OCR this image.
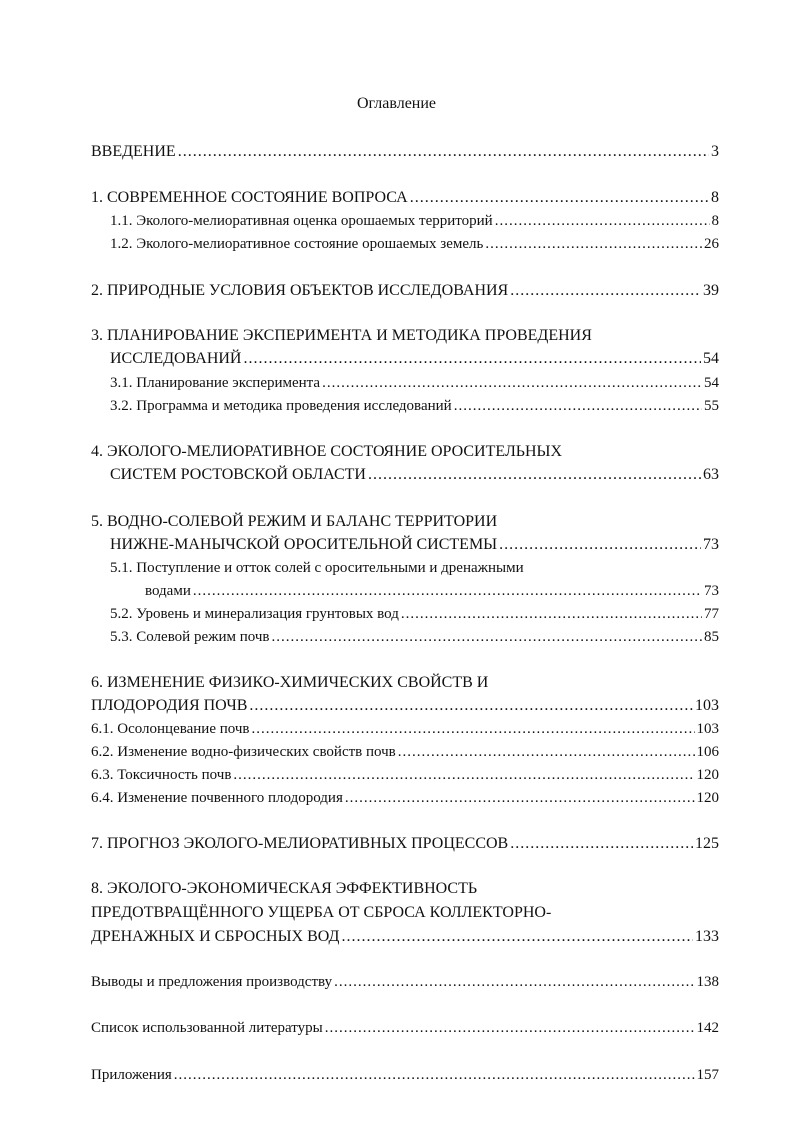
Оглавление
ВВЕДЕНИЕ .....	3
1. СОВРЕМЕННОЕ СОСТОЯНИЕ ВОПРОСА .....	8
1.1. Эколого-мелиоративная оценка орошаемых территорий .....	8
1.2. Эколого-мелиоративное состояние орошаемых земель .....	26
2. ПРИРОДНЫЕ УСЛОВИЯ ОБЪЕКТОВ ИССЛЕДОВАНИЯ .....	39
3. ПЛАНИРОВАНИЕ ЭКСПЕРИМЕНТА И МЕТОДИКА ПРОВЕДЕНИЯ
ИССЛЕДОВАНИЙ .....	54
3.1. Планирование эксперимента .....	54
3.2. Программа и методика проведения исследований .....	55
4. ЭКОЛОГО-МЕЛИОРАТИВНОЕ СОСТОЯНИЕ ОРОСИТЕЛЬНЫХ
СИСТЕМ РОСТОВСКОЙ ОБЛАСТИ .....	63
5. ВОДНО-СОЛЕВОЙ РЕЖИМ И БАЛАНС ТЕРРИТОРИИ
НИЖНЕ-МАНЫЧСКОЙ ОРОСИТЕЛЬНОЙ СИСТЕМЫ .....	73
5.1. Поступление и отток солей с оросительными и дренажными
водами .....	73
5.2. Уровень и минерализация грунтовых вод .....	77
5.3. Солевой режим почв .....	85
6. ИЗМЕНЕНИЕ ФИЗИКО-ХИМИЧЕСКИХ СВОЙСТВ И
ПЛОДОРОДИЯ ПОЧВ .....	103
6.1. Осолонцевание почв .....	103
6.2. Изменение водно-физических свойств почв .....	106
6.3. Токсичность почв .....	120
6.4. Изменение почвенного плодородия .....	120
7. ПРОГНОЗ ЭКОЛОГО-МЕЛИОРАТИВНЫХ ПРОЦЕССОВ .....	125
8. ЭКОЛОГО-ЭКОНОМИЧЕСКАЯ ЭФФЕКТИВНОСТЬ
ПРЕДОТВРАЩЁННОГО УЩЕРБА ОТ СБРОСА КОЛЛЕКТОРНО-
ДРЕНАЖНЫХ И СБРОСНЫХ ВОД .....	133
Выводы и предложения производству .....	138
Список использованной литературы .....	142
Приложения .....	157
